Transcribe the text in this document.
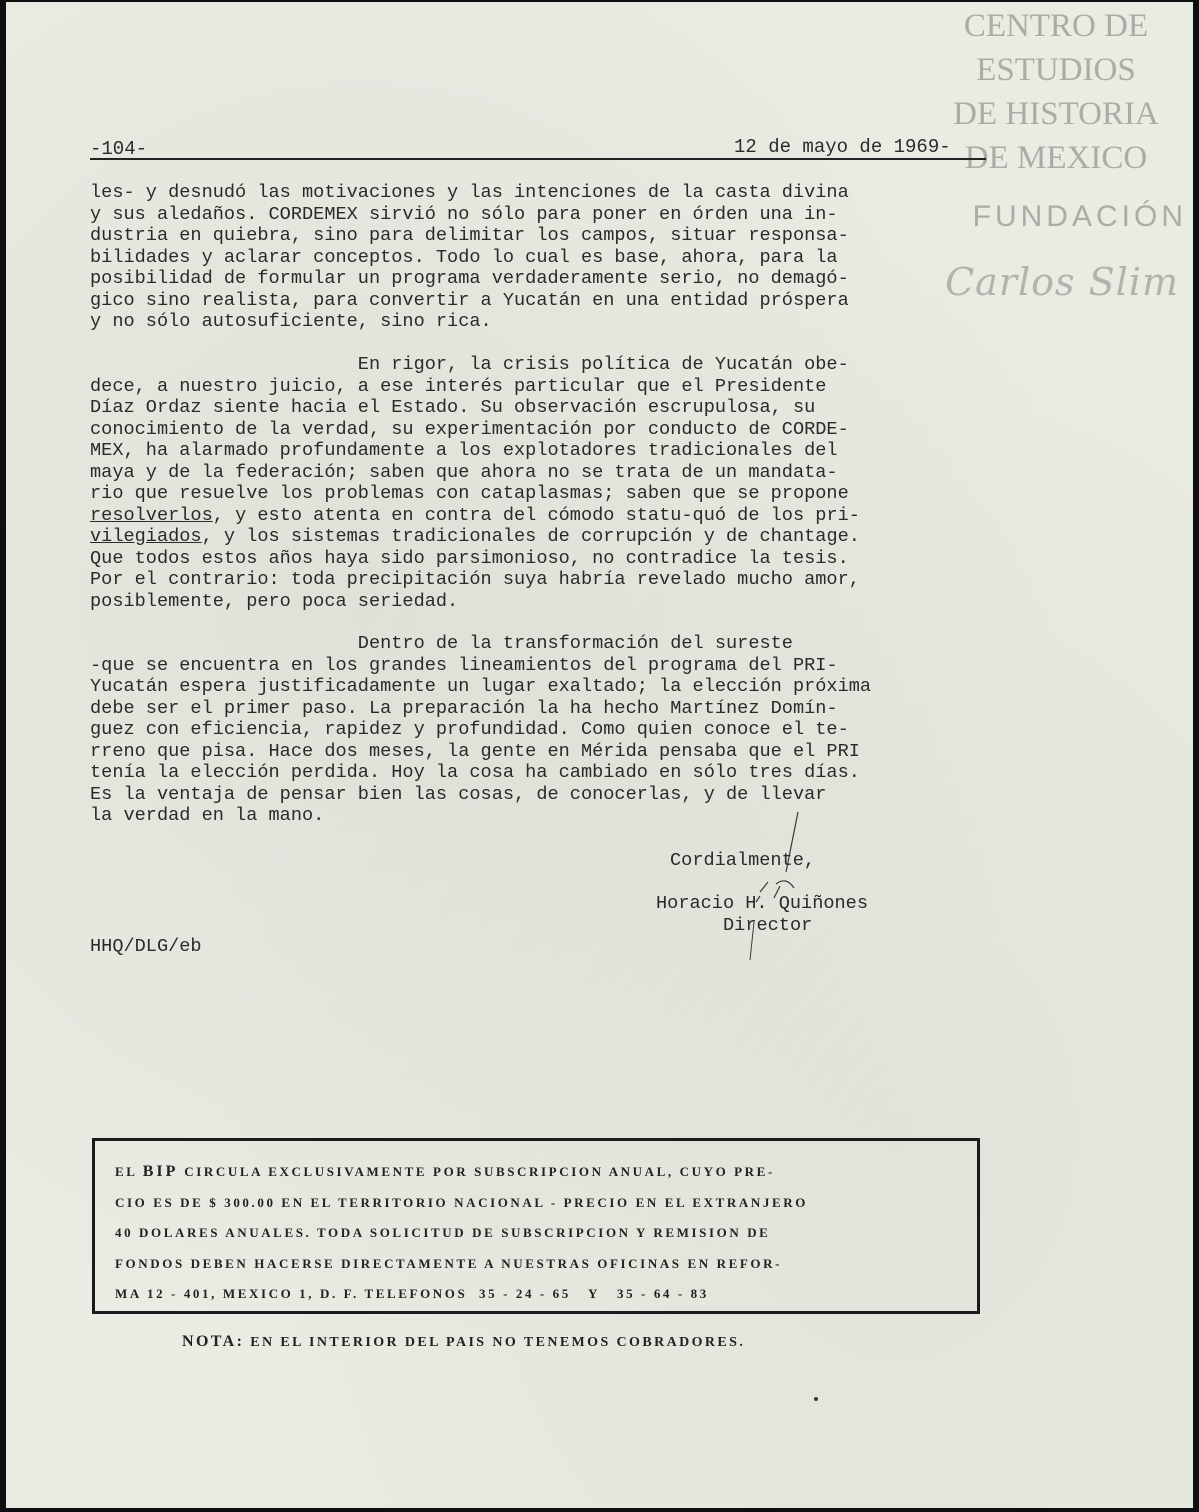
CENTRO DE
ESTUDIOS
DE HISTORIA
DE MEXICO
FUNDACIÓN
Carlos Slim
-104-	12 de mayo de 1969-
les- y desnudó las motivaciones y las intenciones de la casta divina
y sus aledaños. CORDEMEX sirvió no sólo para poner en órden una in-
dustria en quiebra, sino para delimitar los campos, situar responsa-
bilidades y aclarar conceptos. Todo lo cual es base, ahora, para la
posibilidad de formular un programa verdaderamente serio, no demagó-
gico sino realista, para convertir a Yucatán en una entidad próspera
y no sólo autosuficiente, sino rica.
En rigor, la crisis política de Yucatán obe-
dece, a nuestro juicio, a ese interés particular que el Presidente
Díaz Ordaz siente hacia el Estado. Su observación escrupulosa, su
conocimiento de la verdad, su experimentación por conducto de CORDE-
MEX, ha alarmado profundamente a los explotadores tradicionales del
maya y de la federación; saben que ahora no se trata de un mandata-
rio que resuelve los problemas con cataplasmas; saben que se propone
resolverlos, y esto atenta en contra del cómodo statu-quó de los pri-
vilegiados, y los sistemas tradicionales de corrupción y de chantage.
Que todos estos años haya sido parsimonioso, no contradice la tesis.
Por el contrario: toda precipitación suya habría revelado mucho amor,
posiblemente, pero poca seriedad.
Dentro de la transformación del sureste
-que se encuentra en los grandes lineamientos del programa del PRI-
Yucatán espera justificadamente un lugar exaltado; la elección próxima
debe ser el primer paso. La preparación la ha hecho Martínez Domín-
guez con eficiencia, rapidez y profundidad. Como quien conoce el te-
rreno que pisa. Hace dos meses, la gente en Mérida pensaba que el PRI
tenía la elección perdida. Hoy la cosa ha cambiado en sólo tres días.
Es la ventaja de pensar bien las cosas, de conocerlas, y de llevar
la verdad en la mano.
Cordialmente,
Horacio H. Quiñones
Director
HHQ/DLG/eb
EL BIP CIRCULA EXCLUSIVAMENTE POR SUBSCRIPCION ANUAL, CUYO PRE-
CIO ES DE $ 300.00 EN EL TERRITORIO NACIONAL - PRECIO EN EL EXTRANJERO
40 DOLARES ANUALES. TODA SOLICITUD DE SUBSCRIPCION Y REMISION DE
FONDOS DEBEN HACERSE DIRECTAMENTE A NUESTRAS OFICINAS EN REFOR-
MA 12 - 401, MEXICO 1, D. F. TELEFONOS  35 - 24 - 65   Y   35 - 64 - 83
NOTA: EN EL INTERIOR DEL PAIS NO TENEMOS COBRADORES.
